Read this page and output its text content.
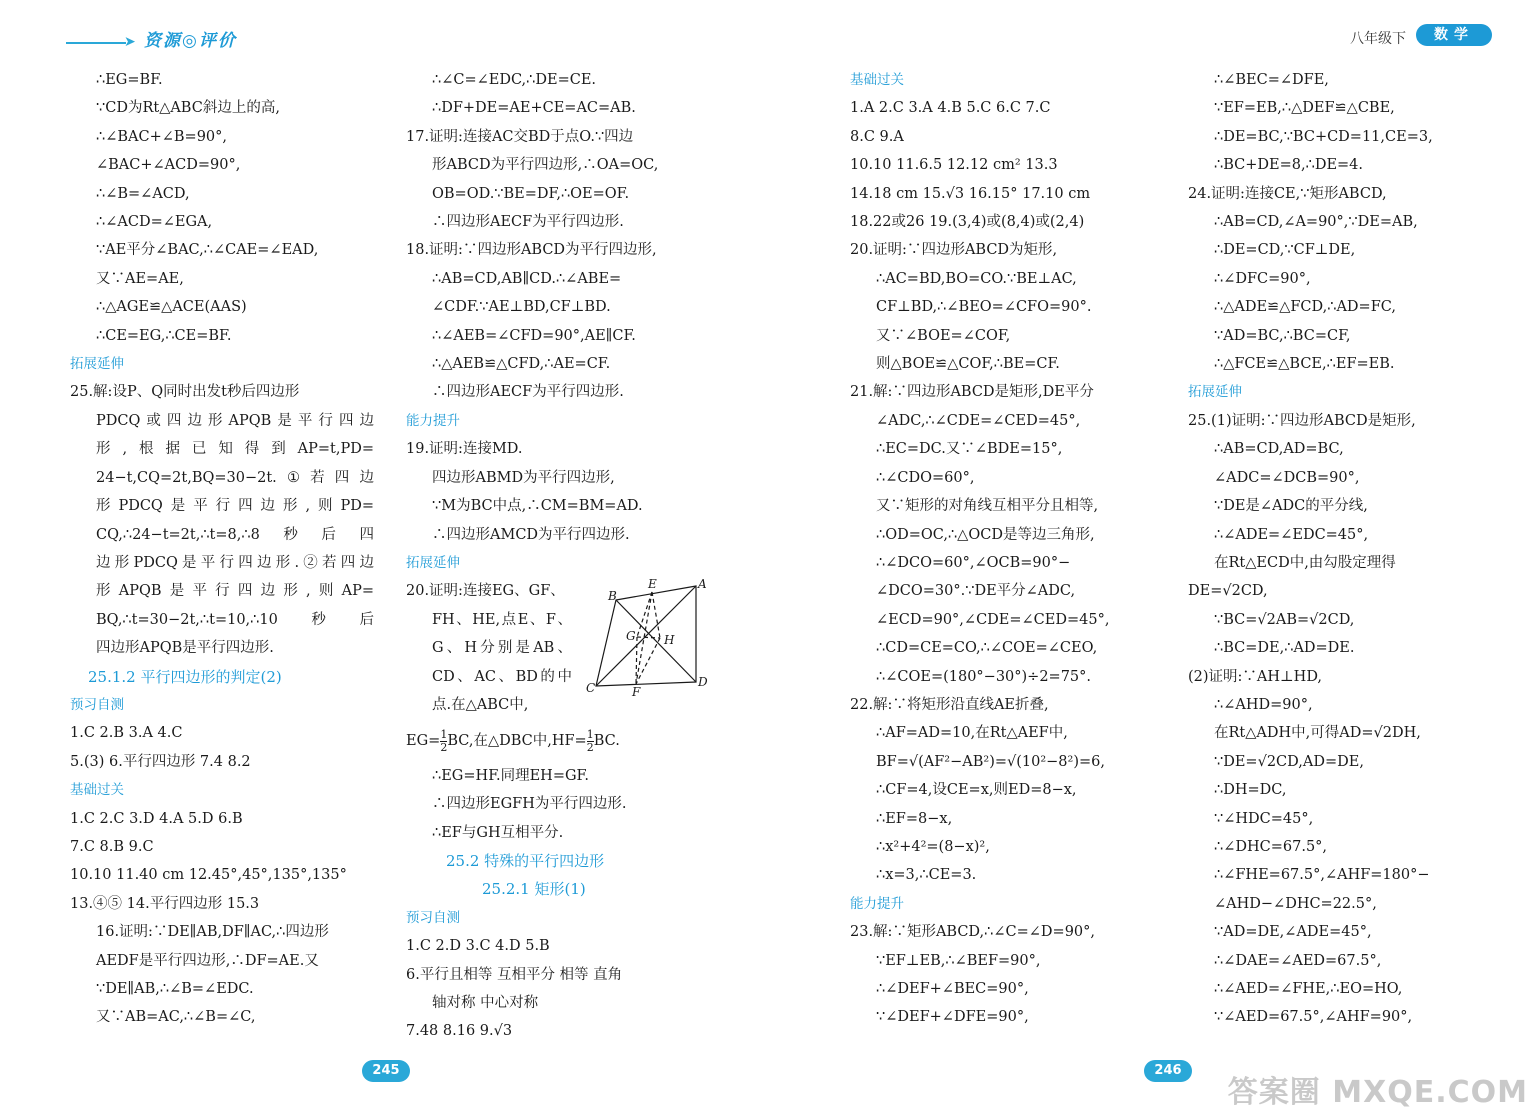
➤ 资源◎评价	八年级下	数学
∴EG=BF.
∵CD为Rt△ABC斜边上的高,
∴∠BAC+∠B=90°,
∠BAC+∠ACD=90°,
∴∠B=∠ACD,
∴∠ACD=∠EGA,
∵AE平分∠BAC,∴∠CAE=∠EAD,
又∵AE=AE,
∴△AGE≌△ACE(AAS)
∴CE=EG,∴CE=BF.
拓展延伸
25.解:设P、Q同时出发t秒后四边形
PDCQ或四边形APQB是平行四边
形,根据已知得到AP=t,PD=
24−t,CQ=2t,BQ=30−2t.①若四边
形PDCQ是平行四边形,则PD=
CQ,∴24−t=2t,∴t=8,∴8秒后四
边形PDCQ是平行四边形.②若四边
形APQB是平行四边形,则AP=
BQ,∴t=30−2t,∴t=10,∴10秒后
四边形APQB是平行四边形.
25.1.2 平行四边形的判定(2)
预习自测
1.C 2.B 3.A 4.C
5.(3) 6.平行四边形 7.4 8.2
基础过关
1.C 2.C 3.D 4.A 5.D 6.B
7.C 8.B 9.C
10.10 11.40 cm 12.45°,45°,135°,135°
13.④⑤ 14.平行四边形 15.3
16.证明:∵DE∥AB,DF∥AC,∴四边形
AEDF是平行四边形,∴DF=AE.又
∵DE∥AB,∴∠B=∠EDC.
又∵AB=AC,∴∠B=∠C,
∴∠C=∠EDC,∴DE=CE.
∴DF+DE=AE+CE=AC=AB.
17.证明:连接AC交BD于点O.∵四边
形ABCD为平行四边形,∴OA=OC,
OB=OD.∵BE=DF,∴OE=OF.
∴四边形AECF为平行四边形.
18.证明:∵四边形ABCD为平行四边形,
∴AB=CD,AB∥CD.∴∠ABE=
∠CDF.∵AE⊥BD,CF⊥BD.
∴∠AEB=∠CFD=90°,AE∥CF.
∴△AEB≌△CFD,∴AE=CF.
∴四边形AECF为平行四边形.
能力提升
19.证明:连接MD.
四边形ABMD为平行四边形,
∵M为BC中点,∴CM=BM=AD.
∴四边形AMCD为平行四边形.
拓展延伸
20.证明:连接EG、GF、
FH、HE,点E、F、
G、H分别是AB、
CD、AC、BD的中
点.在△ABC中,
$EG= \frac{1}{2}$ BC,在△DBC中$,HF= \frac{1}{2}$ BC.
∴EG=HF.同理EH=GF.
∴四边形EGFH为平行四边形.
∴EF与GH互相平分.
25.2 特殊的平行四边形
25.2.1 矩形(1)
预习自测
1.C 2.D 3.C 4.D 5.B
6.平行且相等 互相平分 相等 直角
轴对称 中心对称
7.48 8.16 9.√3
B
A
E
G H
C	F
D
基础过关
1.A 2.C 3.A 4.B 5.C 6.C 7.C
8.C 9.A
10.10 11.6.5 12.12 cm² 13.3
14.18 cm 15.√3 16.15° 17.10 cm
18.22或26 19.(3,4)或(8,4)或(2,4)
20.证明:∵四边形ABCD为矩形,
∴AC=BD,BO=CO.∵BE⊥AC,
CF⊥BD,∴∠BEO=∠CFO=90°.
又∵∠BOE=∠COF,
则△BOE≌△COF,∴BE=CF.
21.解:∵四边形ABCD是矩形,DE平分
∠ADC,∴∠CDE=∠CED=45°,
∴EC=DC.又∵∠BDE=15°,
∴∠CDO=60°,
又∵矩形的对角线互相平分且相等,
∴OD=OC,∴△OCD是等边三角形,
∴∠DCO=60°,∠OCB=90°−
∠DCO=30°.∵DE平分∠ADC,
∠ECD=90°,∠CDE=∠CED=45°,
∴CD=CE=CO,∴∠COE=∠CEO,
∴∠COE=(180°−30°)÷2=75°.
22.解:∵将矩形沿直线AE折叠,
∴AF=AD=10,在Rt△AEF中,
BF=√(AF²−AB²)=√(10²−8²)=6,
∴CF=4,设CE=x,则ED=8−x,
∴EF=8−x,
∴x²+4²=(8−x)²,
∴x=3,∴CE=3.
能力提升
23.解:∵矩形ABCD,∴∠C=∠D=90°,
∵EF⊥EB,∴∠BEF=90°,
∴∠DEF+∠BEC=90°,
∵∠DEF+∠DFE=90°,
∴∠BEC=∠DFE,
∵EF=EB,∴△DEF≌△CBE,
∴DE=BC,∵BC+CD=11,CE=3,
∴BC+DE=8,∴DE=4.
24.证明:连接CE,∵矩形ABCD,
∴AB=CD,∠A=90°,∵DE=AB,
∴DE=CD,∵CF⊥DE,
∴∠DFC=90°,
∴△ADE≌△FCD,∴AD=FC,
∵AD=BC,∴BC=CF,
∴△FCE≌△BCE,∴EF=EB.
拓展延伸
25.(1)证明:∵四边形ABCD是矩形,
∴AB=CD,AD=BC,
∠ADC=∠DCB=90°,
∵DE是∠ADC的平分线,
∴∠ADE=∠EDC=45°,
在Rt△ECD中,由勾股定理得
DE=√2CD,
∵BC=√2AB=√2CD,
∴BC=DE,∴AD=DE.
(2)证明:∵AH⊥HD,
∴∠AHD=90°,
在Rt△ADH中,可得AD=√2DH,
∵DE=√2CD,AD=DE,
∴DH=DC,
∵∠HDC=45°,
∴∠DHC=67.5°,
∴∠FHE=67.5°,∠AHF=180°−
∠AHD−∠DHC=22.5°,
∵AD=DE,∠ADE=45°,
∴∠DAE=∠AED=67.5°,
∴∠AED=∠FHE,∴EO=HO,
∵∠AED=67.5°,∠AHF=90°,
245	246
答案圈 MXQE.COM
